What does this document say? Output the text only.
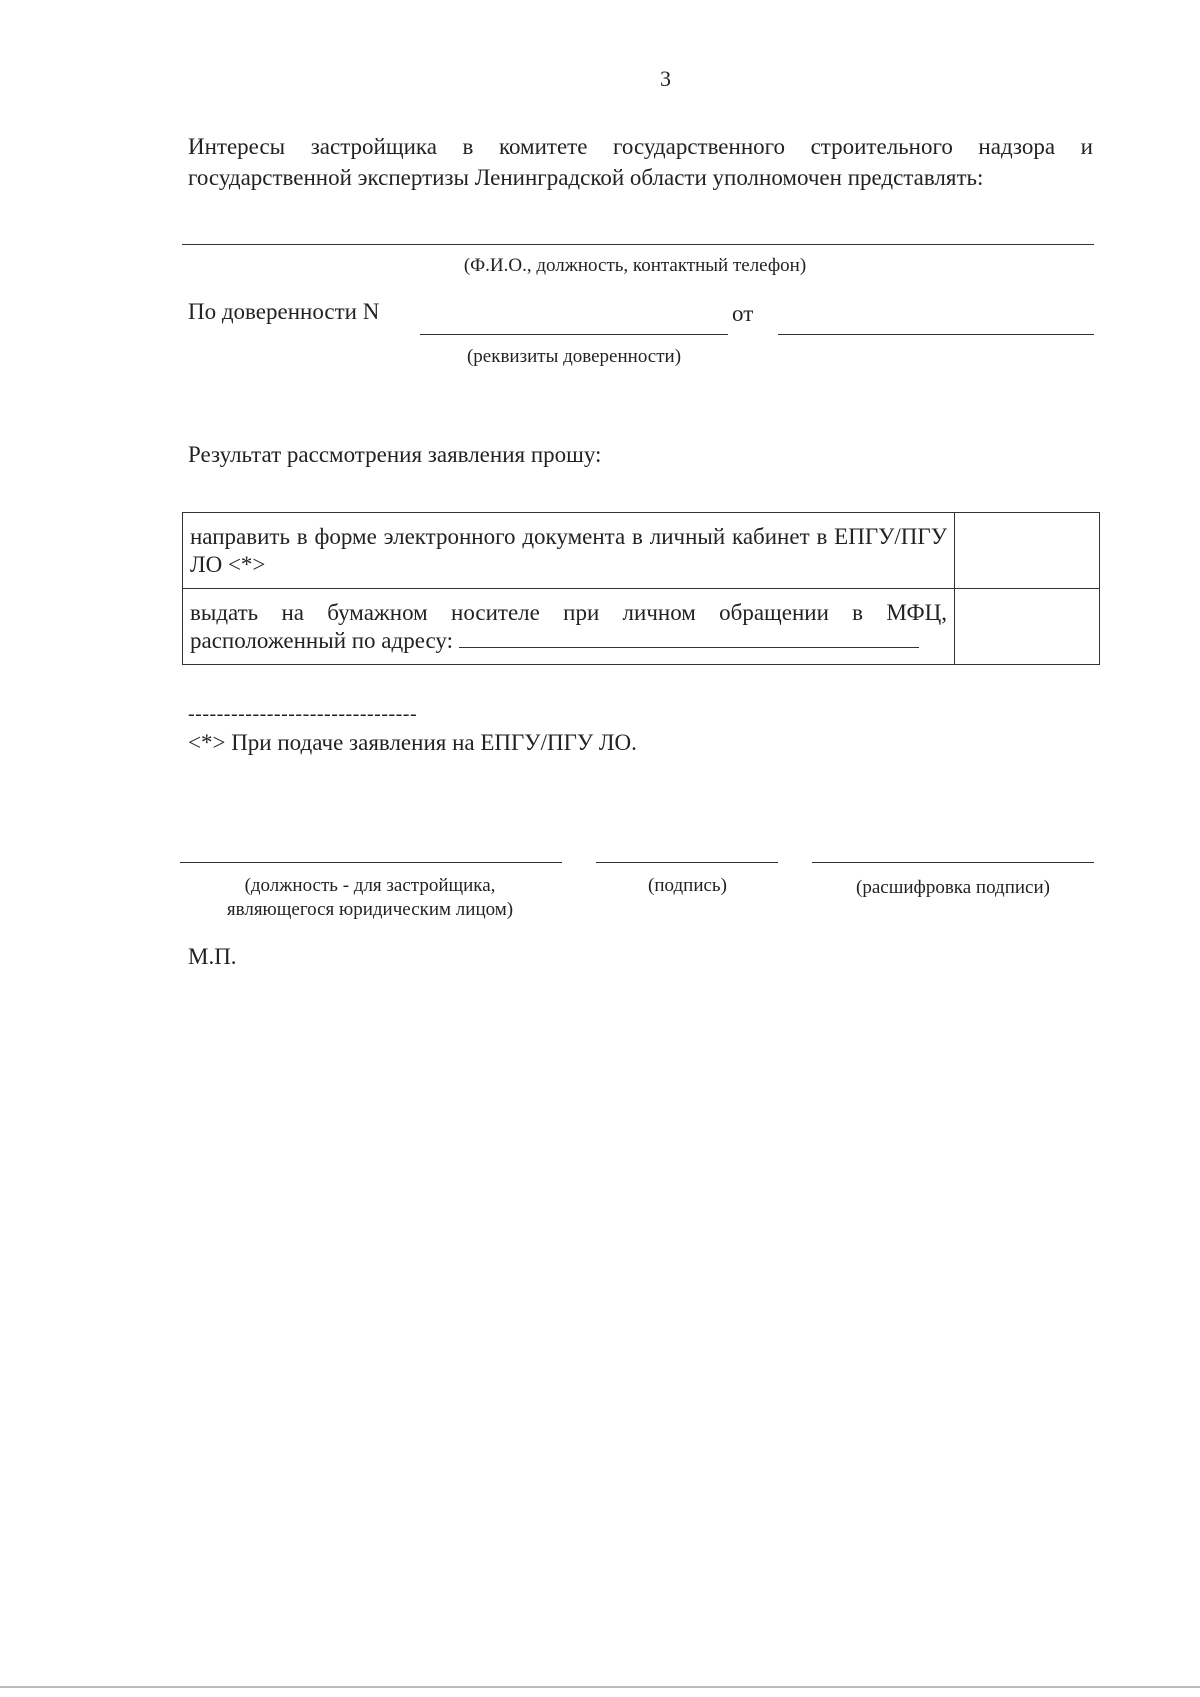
3
Интересы застройщика в комитете государственного строительного надзора и государственной экспертизы Ленинградской области уполномочен представлять:
(Ф.И.О., должность, контактный телефон)
По доверенности N	от
(реквизиты доверенности)
Результат рассмотрения заявления прошу:
направить в форме электронного документа в личный кабинет в ЕПГУ/ПГУ ЛО <*>	
выдать на бумажном носителе при личном обращении в МФЦ, расположенный по адресу:	
--------------------------------
<*> При подаче заявления на ЕПГУ/ПГУ ЛО.
(должность - для застройщика, являющегося юридическим лицом)
(подпись)	(расшифровка подписи)
М.П.
